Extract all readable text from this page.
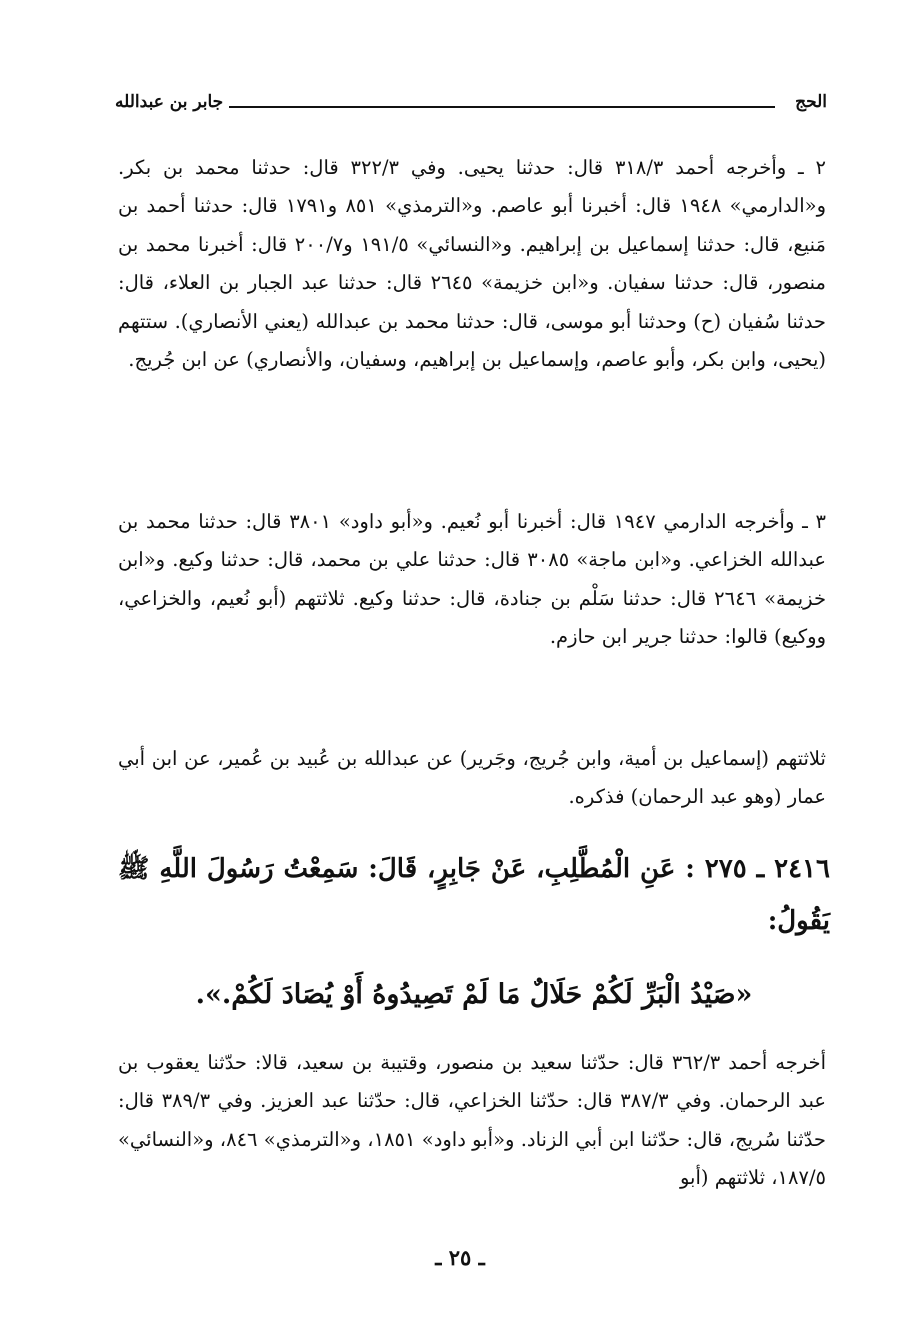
الحج
جابر بن عبدالله

٢ ـ وأخرجه أحمد ٣١٨/٣ قال: حدثنا يحيى. وفي ٣٢٢/٣ قال: حدثنا محمد بن بكر. و«الدارمي» ١٩٤٨ قال: أخبرنا أبو عاصم. و«الترمذي» ٨٥١ و١٧٩١ قال: حدثنا أحمد بن مَنيع، قال: حدثنا إسماعيل بن إبراهيم. و«النسائي» ١٩١/٥ و٢٠٠/٧ قال: أخبرنا محمد بن منصور، قال: حدثنا سفيان. و«ابن خزيمة» ٢٦٤٥ قال: حدثنا عبد الجبار بن العلاء، قال: حدثنا سُفيان (ح) وحدثنا أبو موسى، قال: حدثنا محمد بن عبدالله (يعني الأنصاري). ستتهم (يحيى، وابن بكر، وأبو عاصم، وإسماعيل بن إبراهيم، وسفيان، والأنصاري) عن ابن جُريج.

٣ ـ وأخرجه الدارمي ١٩٤٧ قال: أخبرنا أبو نُعيم. و«أبو داود» ٣٨٠١ قال: حدثنا محمد بن عبدالله الخزاعي. و«ابن ماجة» ٣٠٨٥ قال: حدثنا علي بن محمد، قال: حدثنا وكيع. و«ابن خزيمة» ٢٦٤٦ قال: حدثنا سَلْم بن جنادة، قال: حدثنا وكيع. ثلاثتهم (أبو نُعيم، والخزاعي، ووكيع) قالوا: حدثنا جرير ابن حازم.

ثلاثتهم (إسماعيل بن أمية، وابن جُريج، وجَرير) عن عبدالله بن عُبيد بن عُمير، عن ابن أبي عمار (وهو عبد الرحمان) فذكره.

٢٤١٦ ـ ٢٧٥ : عَنِ الْمُطَّلِبِ، عَنْ جَابِرٍ، قَالَ: سَمِعْتُ رَسُولَ اللَّهِ ﷺ يَقُولُ:
«صَيْدُ الْبَرِّ لَكُمْ حَلَالٌ مَا لَمْ تَصِيدُوهُ أَوْ يُصَادَ لَكُمْ.».

أخرجه أحمد ٣٦٢/٣ قال: حدّثنا سعيد بن منصور، وقتيبة بن سعيد، قالا: حدّثنا يعقوب بن عبد الرحمان. وفي ٣٨٧/٣ قال: حدّثنا الخزاعي، قال: حدّثنا عبد العزيز. وفي ٣٨٩/٣ قال: حدّثنا سُريج، قال: حدّثنا ابن أبي الزناد. و«أبو داود» ١٨٥١، و«الترمذي» ٨٤٦، و«النسائي» ١٨٧/٥، ثلاثتهم (أبو

ـ ٢٥ ـ
